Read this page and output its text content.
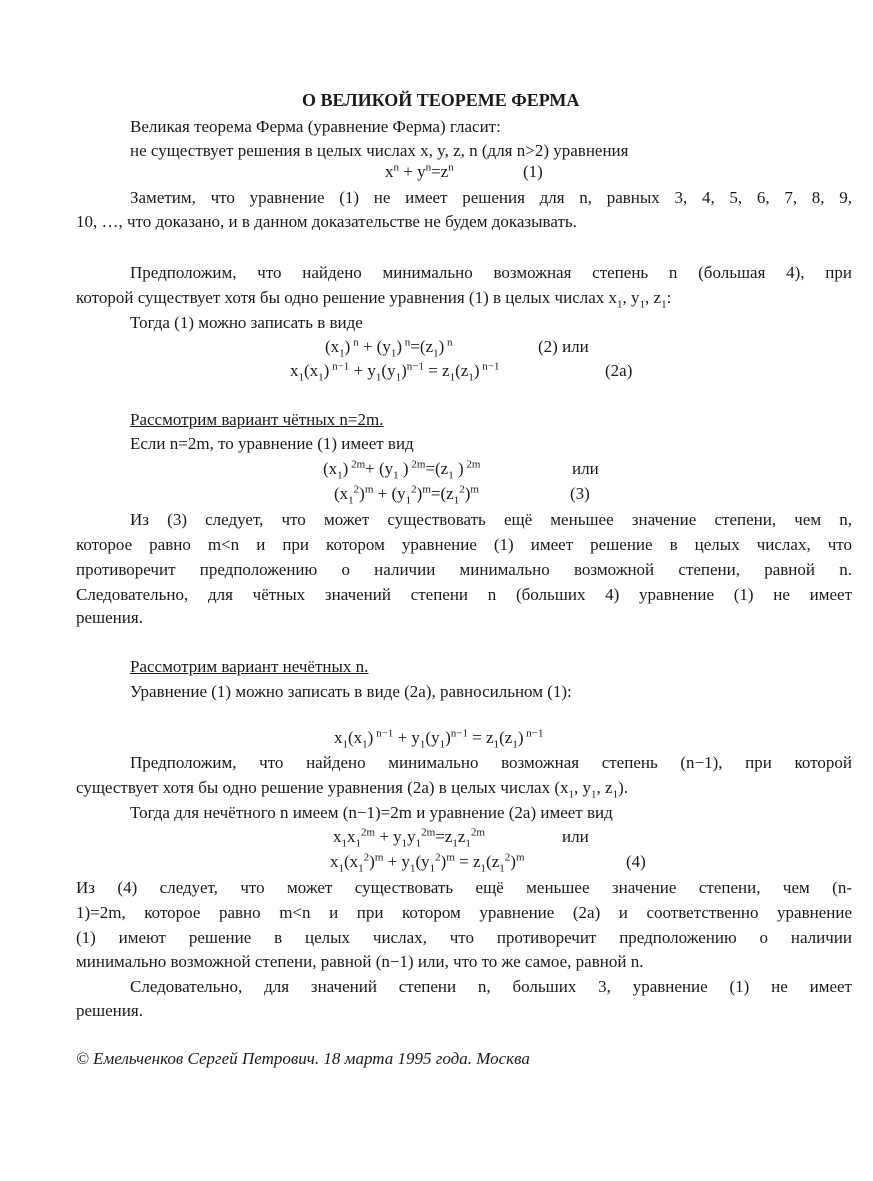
О ВЕЛИКОЙ ТЕОРЕМЕ ФЕРМА
Великая теорема Ферма (уравнение Ферма) гласит:
не существует решения в целых числах x, y, z, n (для n>2) уравнения
$x^n + y^n=z^n$	(1)
Заметим, что уравнение (1) не имеет решения для n, равных 3, 4, 5, 6, 7, 8, 9,
10, …, что доказано, и в данном доказательстве не будем доказывать.
Предположим, что найдено минимально возможная степень n (большая 4), при
которой существует хотя бы одно решение уравнения (1) в целых числах $x_1$, $y_1$, $z_1$:
Тогда (1) можно записать в виде
$(x_1) ^n + (y_1)$ $^n=(z_1)$ $^n$	(2) или
$x_1(x_1) ^{n-1} + y_1(y_1)^{n-1} = z_1(z_1)$ $^{n-1}$	(2а)
Рассмотрим вариант чётных n=2m.
Если n=2m, то уравнение (1) имеет вид
$(x_1)$ $^{2m}+ (y_1$ ) $^{2m}=(z_1$ ) $^{2m}$	или
$(x_1^2)^m + (y_1^2)^m=(z_1^2)^m$	(3)
Из (3) следует, что может существовать ещё меньшее значение степени, чем n,
которое равно m<n и при котором уравнение (1) имеет решение в целых числах, что
противоречит предположению о наличии минимально возможной степени, равной n.
Следовательно, для чётных значений степени n (больших 4) уравнение (1) не имеет
решения.
Рассмотрим вариант нечётных n.
Уравнение (1) можно записать в виде (2а), равносильном (1):
$x_1(x_1) ^{n-1} + y_1(y_1)^{n-1} = z_1(z_1)$ $^{n-1}$
Предположим, что найдено минимально возможная степень (n−1), при которой
существует хотя бы одно решение уравнения (2а) в целых числах ($x_1$, $y_1$, $z_1$).
Тогда для нечётного n имеем (n−1)=2m и уравнение (2а) имеет вид
$x_1x_1^{2m} + y_1y_1^{2m}=z_1z_1^{2m}$	или
$x_1(x_1^2)^m + y_1(y_1^2)^m = z_1(z_1^2)^m$	(4)
Из (4) следует, что может существовать ещё меньшее значение степени, чем (n-
1)=2m, которое равно m<n и при котором уравнение (2а) и соответственно уравнение
(1) имеют решение в целых числах, что противоречит предположению о наличии
минимально возможной степени, равной (n−1) или, что то же самое, равной n.
Следовательно, для значений степени n, больших 3, уравнение (1) не имеет
решения.
© Емельченков Сергей Петрович. 18 марта 1995 года. Москва
